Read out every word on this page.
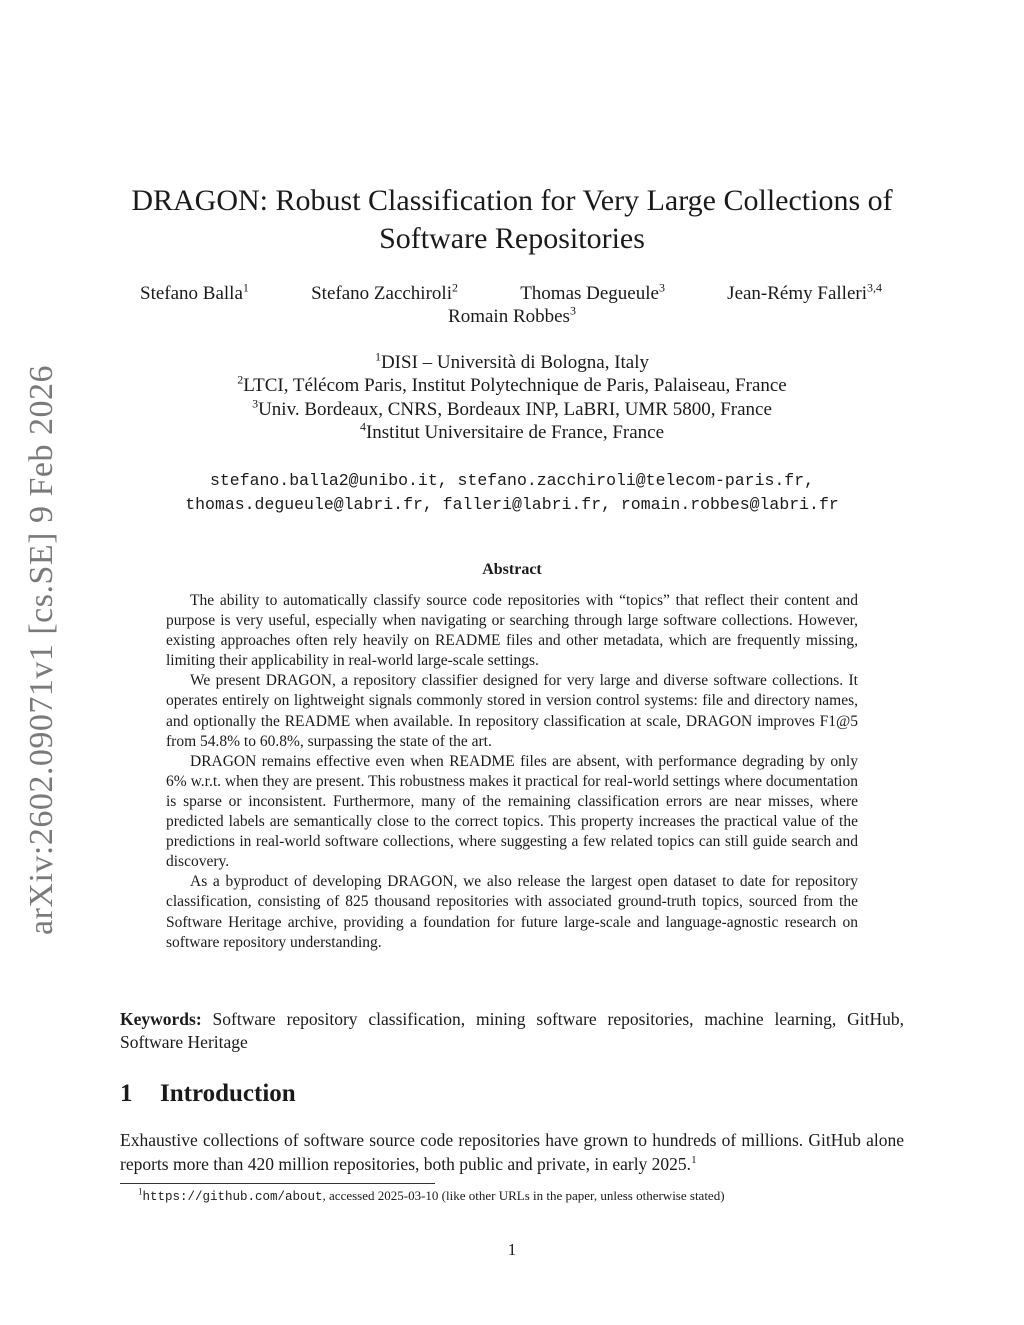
arXiv:2602.09071v1 [cs.SE] 9 Feb 2026
DRAGON: Robust Classification for Very Large Collections of
Software Repositories
Stefano Balla$^1$	Stefano Zacchiroli$^2$	Thomas Degueule$^3$	Jean-Rémy Falleri$^{3,4}$
Romain Robbes$^3$
$^1$DISI – Università di Bologna, Italy
$^2$LTCI, Télécom Paris, Institut Polytechnique de Paris, Palaiseau, France
$^3$Univ. Bordeaux, CNRS, Bordeaux INP, LaBRI, UMR 5800, France
$^4$Institut Universitaire de France, France
stefano.balla2@unibo.it, stefano.zacchiroli@telecom-paris.fr,
thomas.degueule@labri.fr, falleri@labri.fr, romain.robbes@labri.fr
Abstract

The ability to automatically classify source code repositories with “topics” that reflect their content and purpose is very useful, especially when navigating or searching through large software collections. However, existing approaches often rely heavily on README files and other metadata, which are frequently missing, limiting their applicability in real-world large-scale settings.

We present DRAGON, a repository classifier designed for very large and diverse software collections. It operates entirely on lightweight signals commonly stored in version control systems: file and directory names, and optionally the README when available. In repository classification at scale, DRAGON improves F1@5 from 54.8% to 60.8%, surpassing the state of the art.

DRAGON remains effective even when README files are absent, with performance degrading by only 6% w.r.t. when they are present. This robustness makes it practical for real-world settings where documentation is sparse or inconsistent. Furthermore, many of the remaining classification errors are near misses, where predicted labels are semantically close to the correct topics. This property increases the practical value of the predictions in real-world software collections, where suggesting a few related topics can still guide search and discovery.

As a byproduct of developing DRAGON, we also release the largest open dataset to date for repository classification, consisting of 825 thousand repositories with associated ground-truth topics, sourced from the Software Heritage archive, providing a foundation for future large-scale and language-agnostic research on software repository understanding.

Keywords: Software repository classification, mining software repositories, machine learning, GitHub, Software Heritage
1 Introduction
Exhaustive collections of software source code repositories have grown to hundreds of millions. GitHub alone reports more than 420 million repositories, both public and private, in early 2025.$^1$
$^1$https://github.com/about, accessed 2025-03-10 (like other URLs in the paper, unless otherwise stated)
1
